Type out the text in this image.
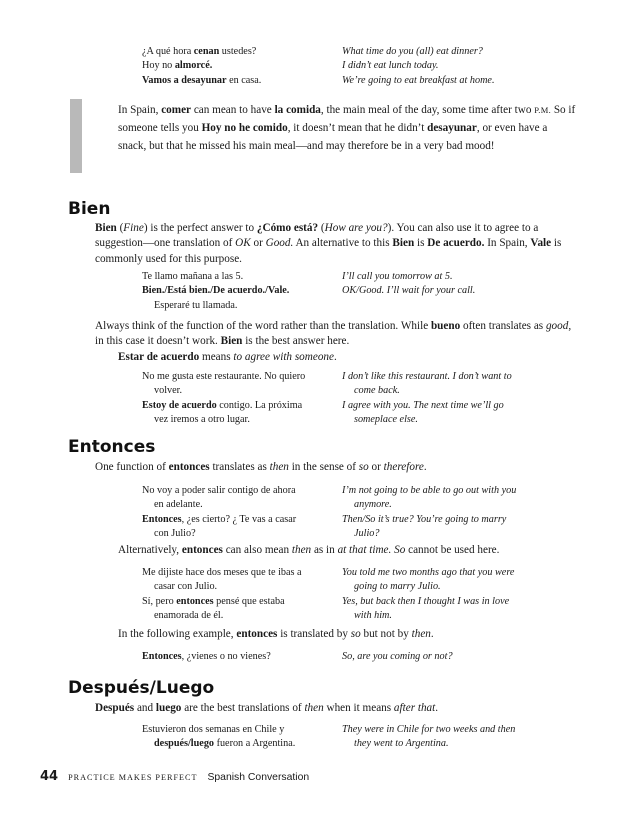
¿A qué hora cenan ustedes?	What time do you (all) eat dinner?
Hoy no almorcé.	I didn’t eat lunch today.
Vamos a desayunar en casa.	We’re going to eat breakfast at home.
In Spain, comer can mean to have la comida, the main meal of the day, some time after two P.M. So if someone tells you Hoy no he comido, it doesn’t mean that he didn’t desayunar, or even have a snack, but that he missed his main meal—and may therefore be in a very bad mood!
Bien
Bien (Fine) is the perfect answer to ¿Cómo está? (How are you?). You can also use it to agree to a suggestion—one translation of OK or Good. An alternative to this Bien is De acuerdo. In Spain, Vale is commonly used for this purpose.
Te llamo mañana a las 5.	I’ll call you tomorrow at 5.
Bien./Está bien./De acuerdo./Vale.	OK/Good. I’ll wait for your call.
Esperaré tu llamada.
Always think of the function of the word rather than the translation. While bueno often translates as good, in this case it doesn’t work. Bien is the best answer here.
Estar de acuerdo means to agree with someone.
No me gusta este restaurante. No quiero	I don’t like this restaurant. I don’t want to
volver.	come back.
Estoy de acuerdo contigo. La próxima	I agree with you. The next time we’ll go
vez iremos a otro lugar.	someplace else.
Entonces
One function of entonces translates as then in the sense of so or therefore.
No voy a poder salir contigo de ahora	I’m not going to be able to go out with you
en adelante.	anymore.
Entonces, ¿es cierto? ¿ Te vas a casar	Then/So it’s true? You’re going to marry
con Julio?	Julio?
Alternatively, entonces can also mean then as in at that time. So cannot be used here.
Me dijiste hace dos meses que te ibas a	You told me two months ago that you were
casar con Julio.	going to marry Julio.
Sí, pero entonces pensé que estaba	Yes, but back then I thought I was in love
enamorada de él.	with him.
In the following example, entonces is translated by so but not by then.
Entonces, ¿vienes o no vienes?	So, are you coming or not?
Después/Luego
Después and luego are the best translations of then when it means after that.
Estuvieron dos semanas en Chile y	They were in Chile for two weeks and then
después/luego fueron a Argentina.	they went to Argentina.
44 PRACTICE MAKES PERFECT Spanish Conversation
